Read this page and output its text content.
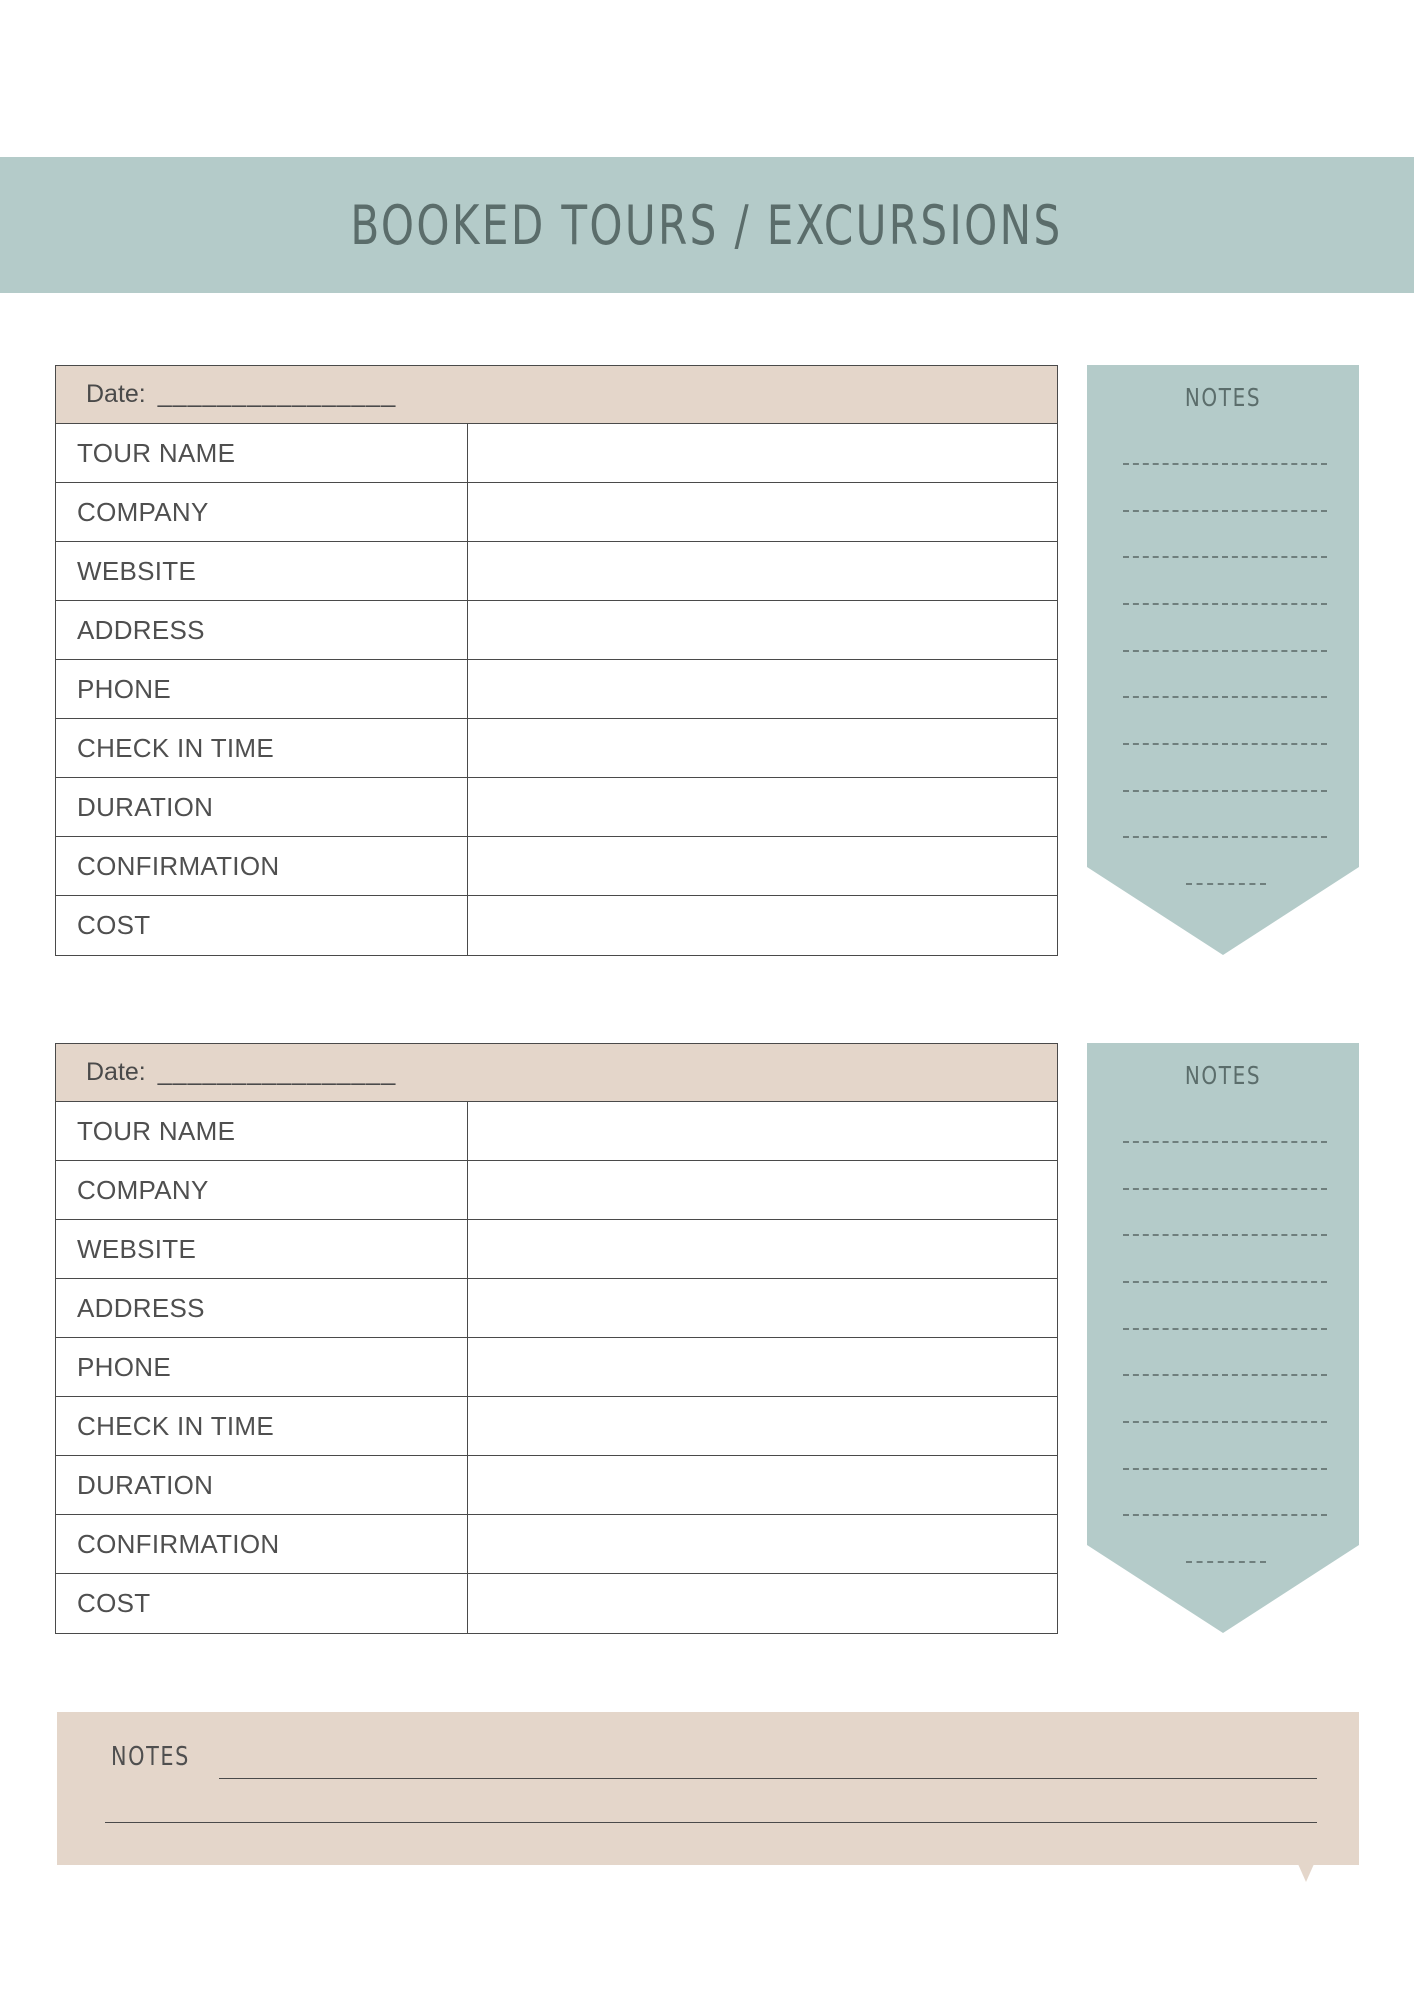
BOOKED TOURS / EXCURSIONS
Date: ________________
TOUR NAME
COMPANY
WEBSITE
ADDRESS
PHONE
CHECK IN TIME
DURATION
CONFIRMATION
COST
NOTES
Date: ________________
TOUR NAME
COMPANY
WEBSITE
ADDRESS
PHONE
CHECK IN TIME
DURATION
CONFIRMATION
COST
NOTES
NOTES
